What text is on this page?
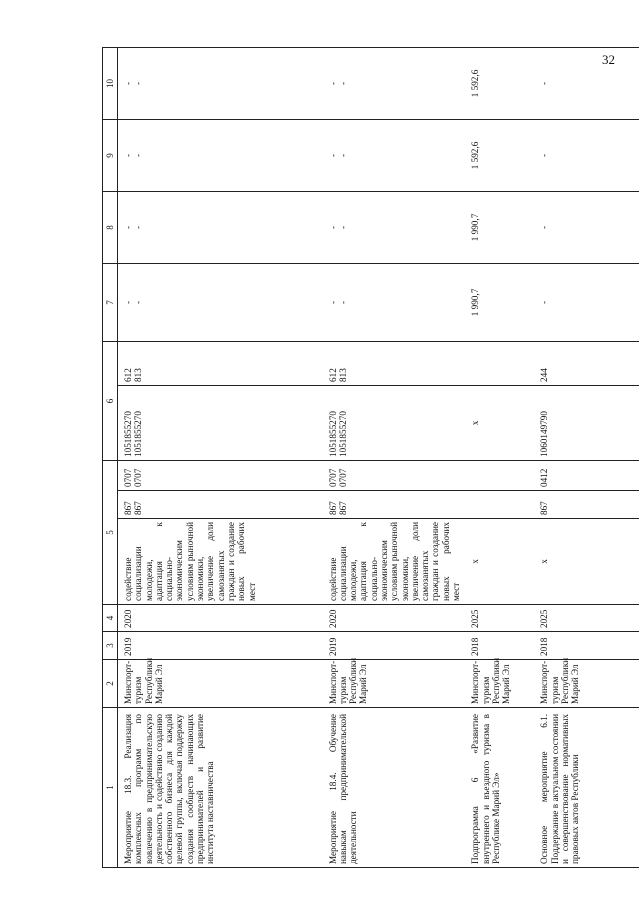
32
1	2	3	4	5			6		7	8	9	10
Мероприятие 18.3. Реализация комплексных программ по вовлечению в предпринимательскую деятельность и содействию созданию собственного бизнеса для каждой целевой группы, включая поддержку создания сообществ начинающих предпринимателей и развитие института наставничества	Минспорт-туризм Республики Марий Эл	2019	2020	содействие социализации молодежи, адаптация к социально-экономическим условиям рыночной экономики, увеличение доли самозанятых граждан и создание новых рабочих мест	867 867	0707 0707	1051855270 1051855270	612 813	- -	- -	- -	- -

Мероприятие 18.4. Обучение навыкам предпринимательской деятельности	Минспорт-туризм Республики Марий Эл	2019	2020	содействие социализации молодежи, адаптация к социально-экономическим условиям рыночной экономики, увеличение доли самозанятых граждан и создание новых рабочих мест	867 867	0707 0707	1051855270 1051855270	612 813	- -	- -	- -	- -

Подпрограмма 6 «Развитие внутреннего и въездного туризма в Республике Марий Эл»	Минспорт-туризм Республики Марий Эл	2018	2025	x			x		1 990,7	1 990,7	1 592,6	1 592,6

Основное мероприятие 6.1. Поддержание в актуальном состоянии и совершенствование нормативных правовых актов Республики	Минспорт-туризм Республики Марий Эл	2018	2025	x	867	0412	1060149790	244	-	-	-	-
